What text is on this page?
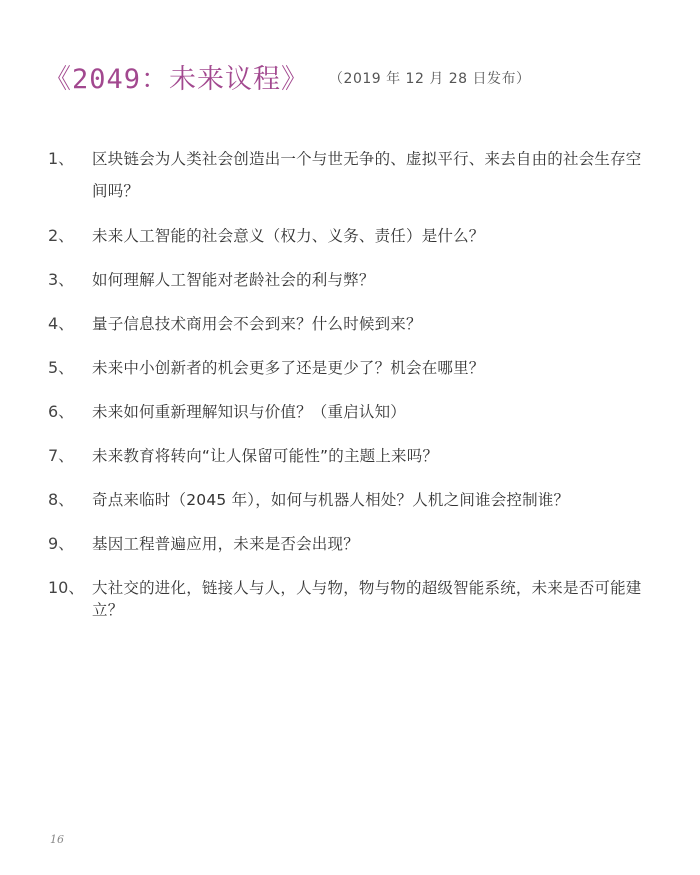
《2049：未来议程》 （2019 年 12 月 28 日发布）
1、	区块链会为人类社会创造出一个与世无争的、虚拟平行、来去自由的社会生存空间吗？
2、	未来人工智能的社会意义（权力、义务、责任）是什么？
3、	如何理解人工智能对老龄社会的利与弊？
4、	量子信息技术商用会不会到来？什么时候到来？
5、	未来中小创新者的机会更多了还是更少了？机会在哪里？
6、	未来如何重新理解知识与价值？（重启认知）
7、	未来教育将转向“让人保留可能性”的主题上来吗？
8、	奇点来临时（2045 年），如何与机器人相处？人机之间谁会控制谁？
9、	基因工程普遍应用，未来是否会出现？
10、 大社交的进化，链接人与人，人与物，物与物的超级智能系统，未来是否可能建立？
16
